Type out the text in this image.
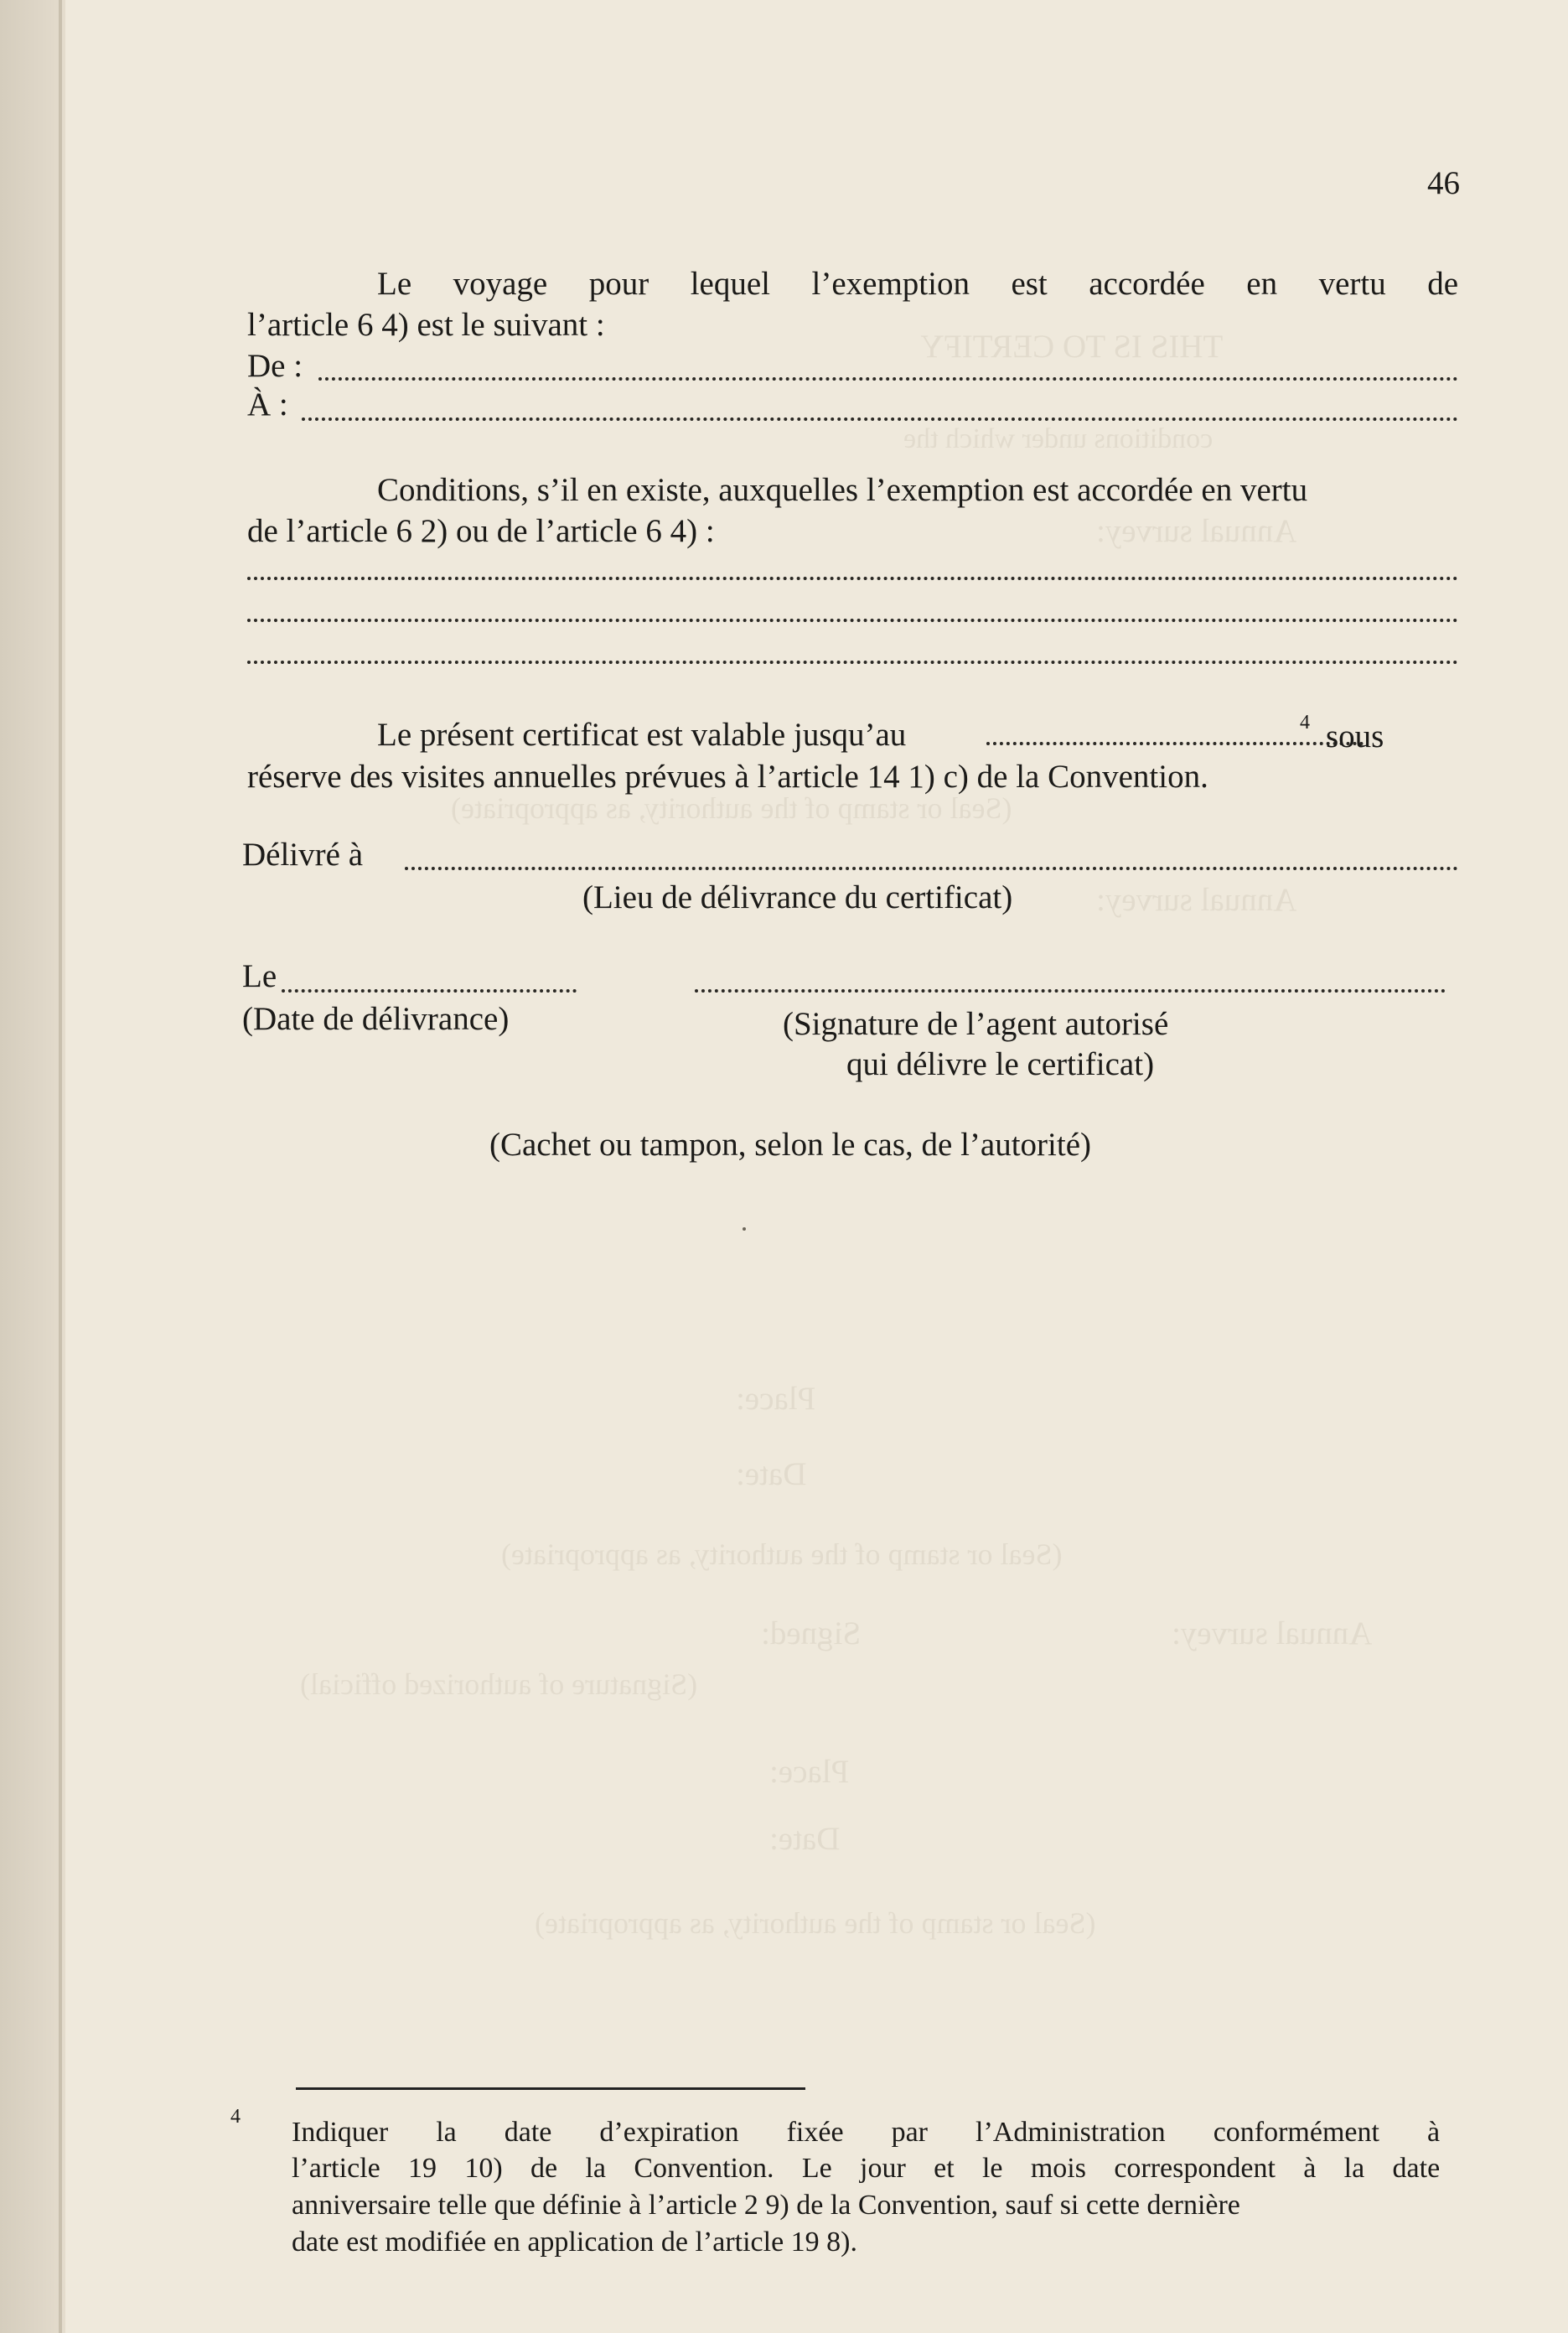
THIS IS TO CERTIFY
conditions under which the
Annual survey:
(Seal or stamp of the authority, as appropriate)
Annual survey:
Place:
Date:
(Seal or stamp of the authority, as appropriate)
Annual survey:
Signed:
(Signature of authorized official)
Place:
Date:
(Seal or stamp of the authority, as appropriate)
46
Le voyage pour lequel l’exemption est accordée en vertu de
l’article 6 4) est le suivant :
De :
À :
Conditions, s’il en existe, auxquelles l’exemption est accordée en vertu
de l’article 6 2) ou de l’article 6 4) :
Le présent certificat est valable jusqu’au	$^4$ sous
réserve des visites annuelles prévues à l’article 14 1) c) de la Convention.
Délivré à
(Lieu de délivrance du certificat)
Le
(Date de délivrance)	(Signature de l’agent autorisé
qui délivre le certificat)
(Cachet ou tampon, selon le cas, de l’autorité)
4 Indiquer la date d’expiration fixée par l’Administration conformément à
l’article 19 10) de la Convention. Le jour et le mois correspondent à la date
anniversaire telle que définie à l’article 2 9) de la Convention, sauf si cette dernière
date est modifiée en application de l’article 19 8).
